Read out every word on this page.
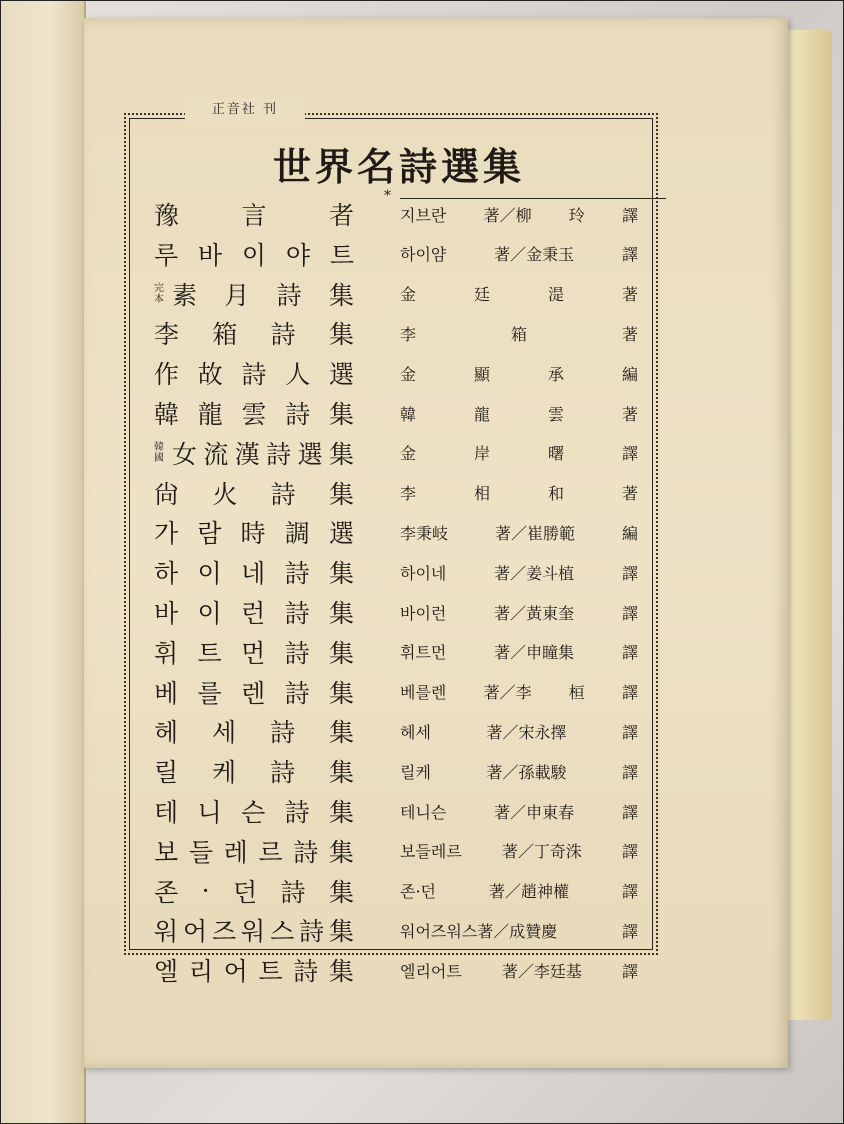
正音社 刊
世界名詩選集
*
豫 言 者	지브란 著／柳 玲 譯
루 바 이 야 트	하이얌	著／金秉玉	譯
完本 素 月 詩 集	金	廷	湜	著
李 箱 詩 集	李	箱	著
作 故 詩 人 選	金	顯	承	編
韓 龍 雲 詩 集	韓	龍	雲	著
韓國 女 流 漢 詩 選 集	金	岸	曙	譯
尙 火 詩 集	李	相	和	著
가 람 時 調 選	李秉岐	著／崔勝範	編
하 이 네 詩 集	하이네	著／姜斗植	譯
바 이 런 詩 集	바이런	著／黃東奎	譯
휘 트 먼 詩 集	휘트먼	著／申瞳集	譯
베 를 렌 詩 集	베를렌 著／李 桓 譯
헤 세 詩 集	헤세	著／宋永擇	譯
릴 케 詩 集	릴케	著／孫載駿	譯
테 니 슨 詩 集	테니슨	著／申東春	譯
보 들 레 르 詩 集	보들레르	著／丁奇洙	譯
존 · 던 詩 集	존·던	著／趙神權	譯
워 어 즈 워 스 詩 集	워어즈워스著／成贊慶	譯
엘 리 어 트 詩 集	엘리어트	著／李廷基	譯
